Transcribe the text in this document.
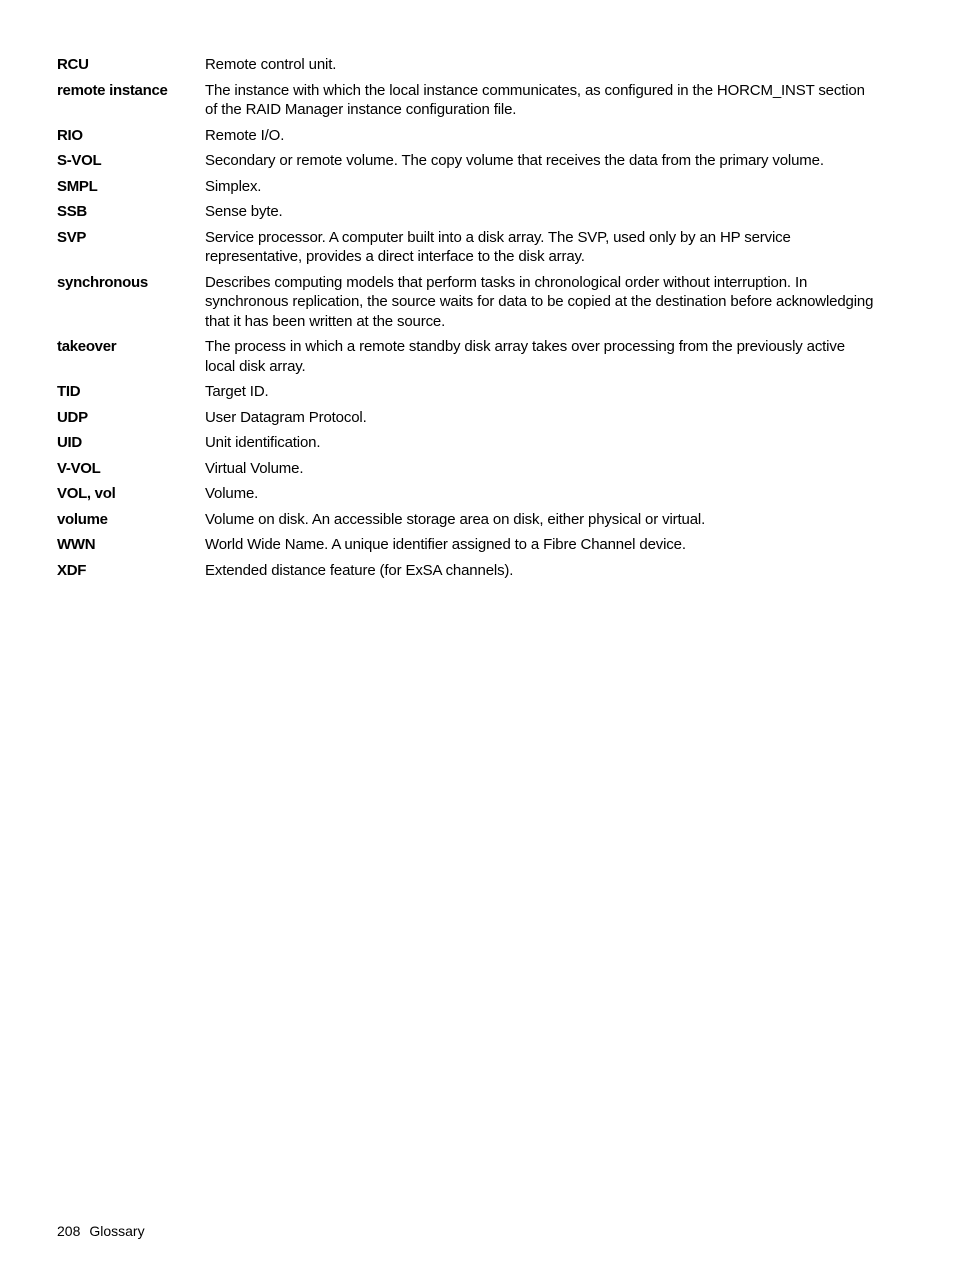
RCU	Remote control unit.
remote instance	The instance with which the local instance communicates, as configured in the HORCM_INST section of the RAID Manager instance configuration file.
RIO	Remote I/O.
S-VOL	Secondary or remote volume. The copy volume that receives the data from the primary volume.
SMPL	Simplex.
SSB	Sense byte.
SVP	Service processor. A computer built into a disk array. The SVP, used only by an HP service representative, provides a direct interface to the disk array.
synchronous	Describes computing models that perform tasks in chronological order without interruption. In synchronous replication, the source waits for data to be copied at the destination before acknowledging that it has been written at the source.
takeover	The process in which a remote standby disk array takes over processing from the previously active local disk array.
TID	Target ID.
UDP	User Datagram Protocol.
UID	Unit identification.
V-VOL	Virtual Volume.
VOL, vol	Volume.
volume	Volume on disk. An accessible storage area on disk, either physical or virtual.
WWN	World Wide Name. A unique identifier assigned to a Fibre Channel device.
XDF	Extended distance feature (for ExSA channels).
208 Glossary
